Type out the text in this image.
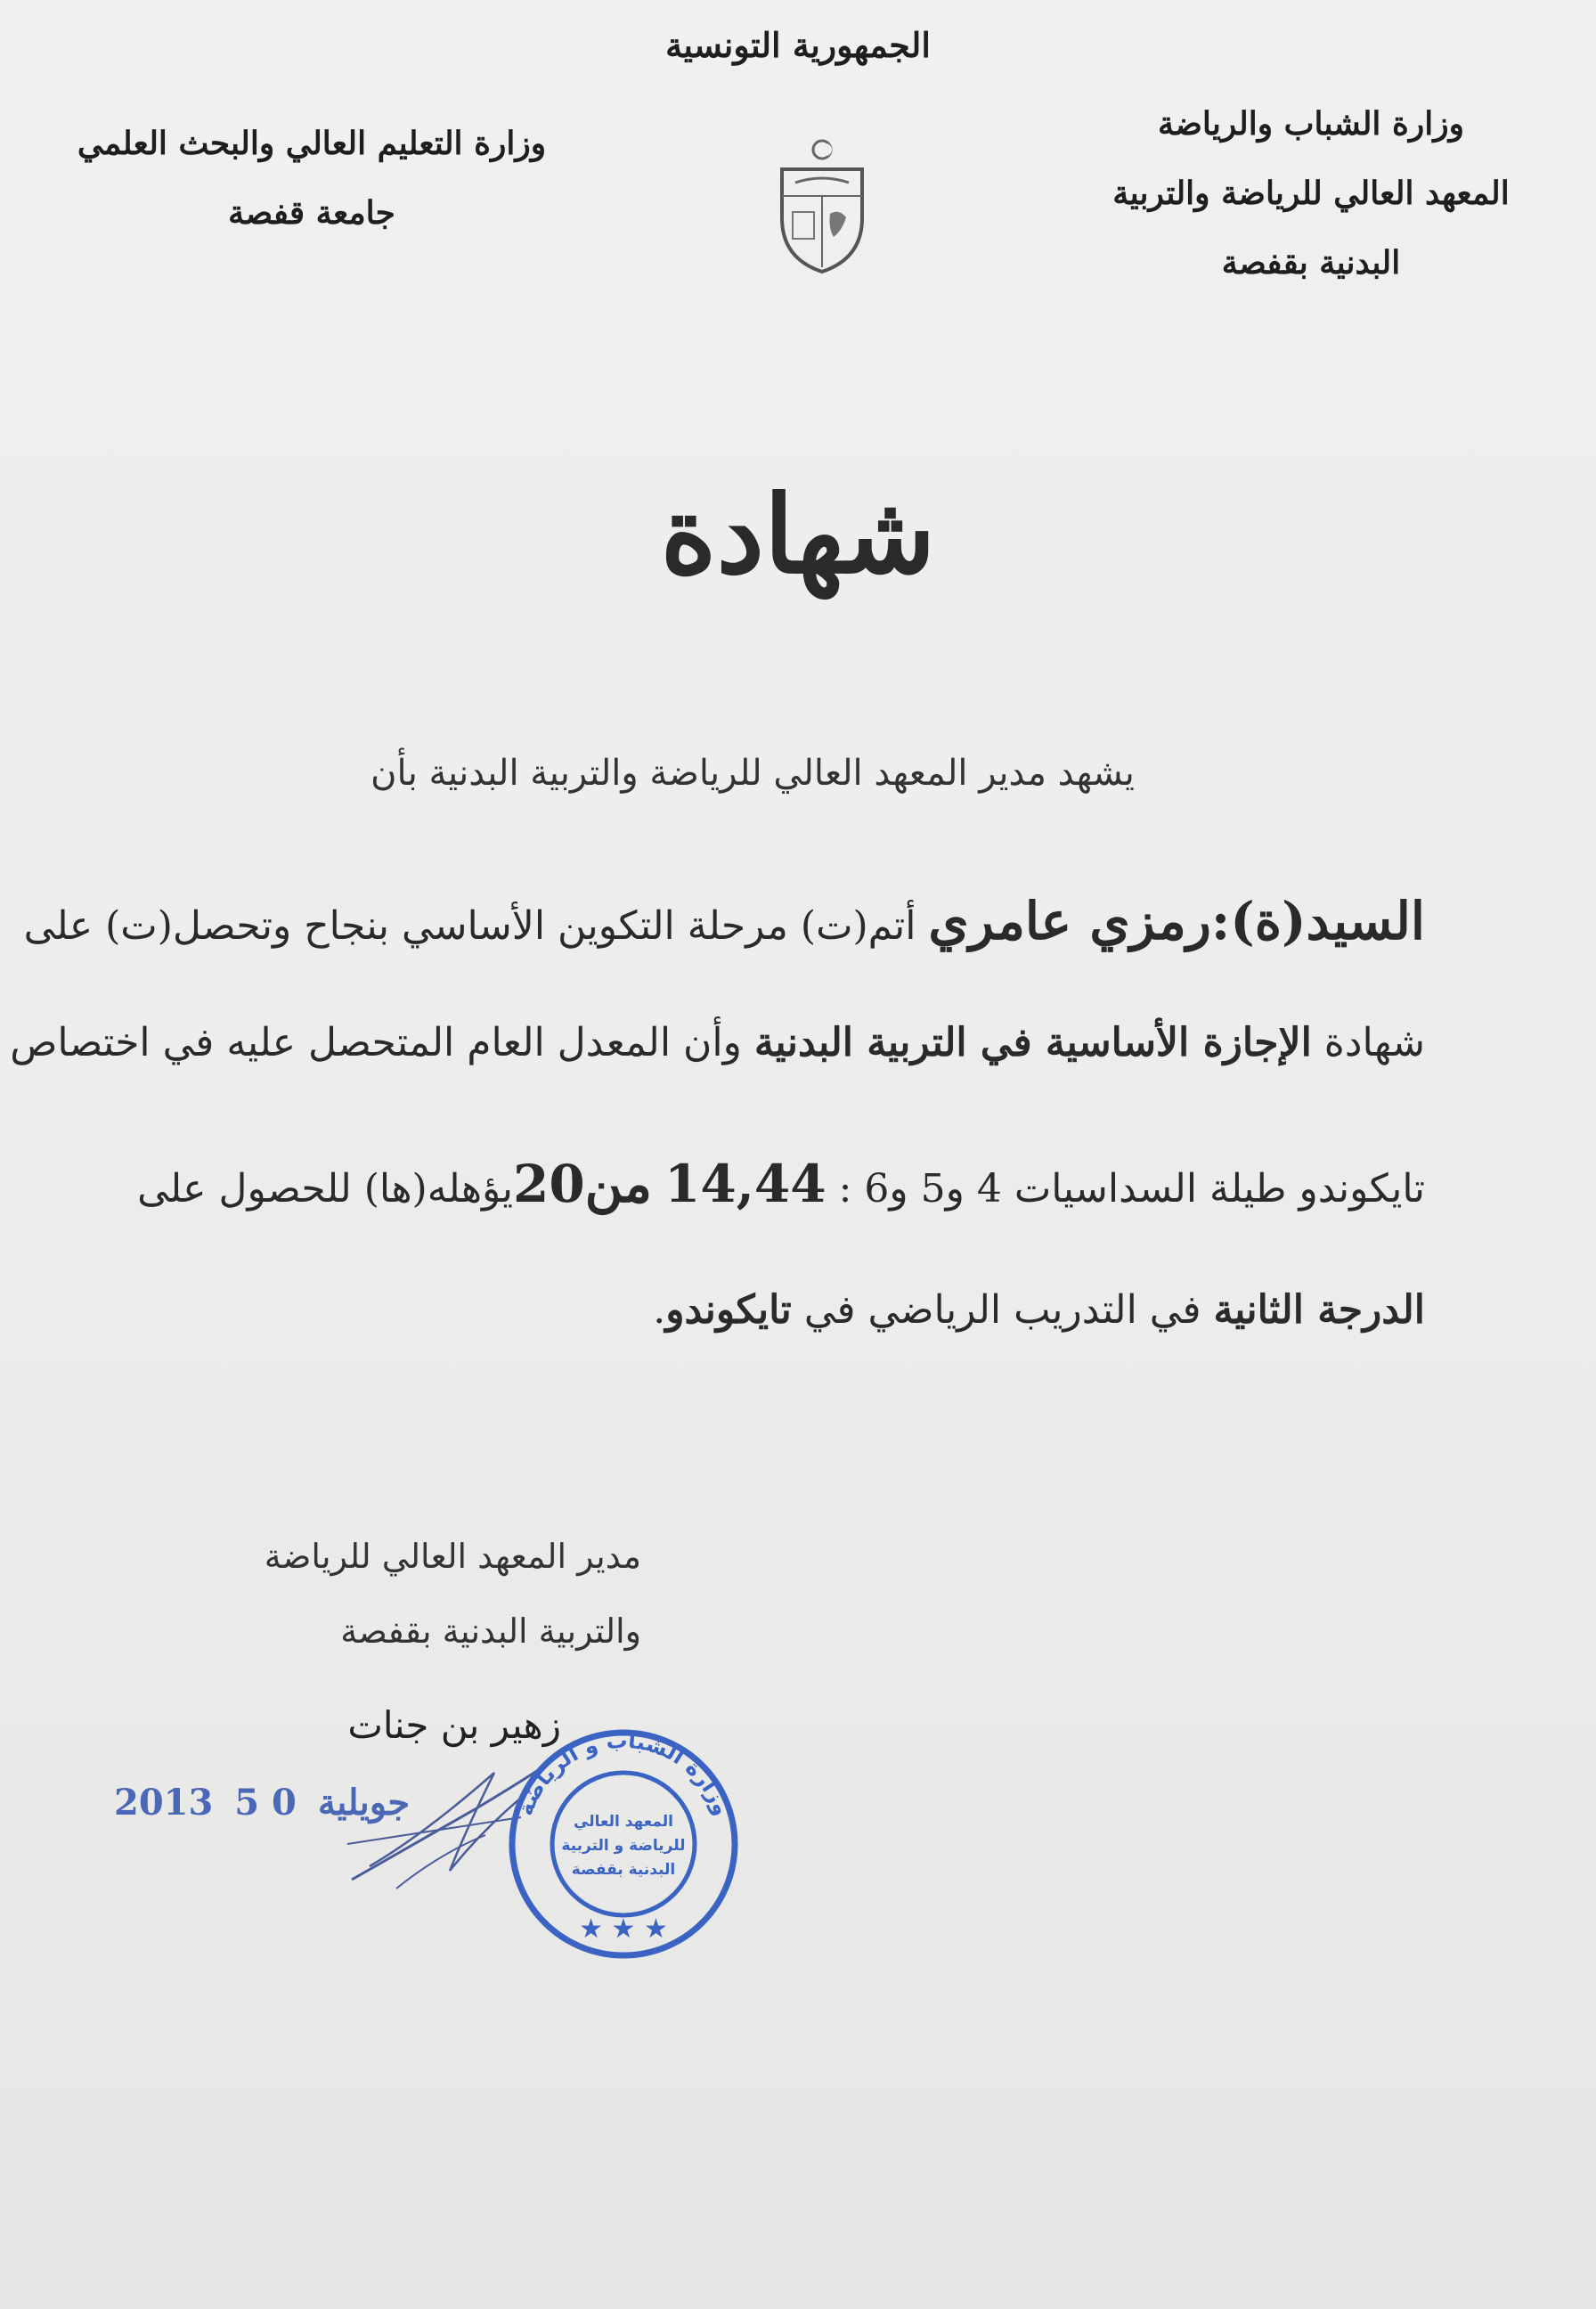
الجمهورية التونسية
وزارة الشباب والرياضة
المعهد العالي للرياضة والتربية
البدنية بقفصة
وزارة التعليم العالي والبحث العلمي
جامعة قفصة
شهادة
يشهد مدير المعهد العالي للرياضة والتربية البدنية بأن
السيد(ة):رمزي عامري أتم(ت) مرحلة التكوين الأساسي بنجاح وتحصل(ت) على
شهادة الإجازة الأساسية في التربية البدنية وأن المعدل العام المتحصل عليه في اختصاص
تايكوندو طيلة السداسيات 4 و5 و6 : 14,44 من20يؤهله(ها) للحصول على
الدرجة الثانية في التدريب الرياضي في تايكوندو.
مدير المعهد العالي للرياضة
والتربية البدنية بقفصة
زهير بن جنات
2013	جويلية 0 5	وزارة الشباب و الرياضة
المعهد العالي
للرياضة و التربية
البدنية بقفصة
★ ★ ★
